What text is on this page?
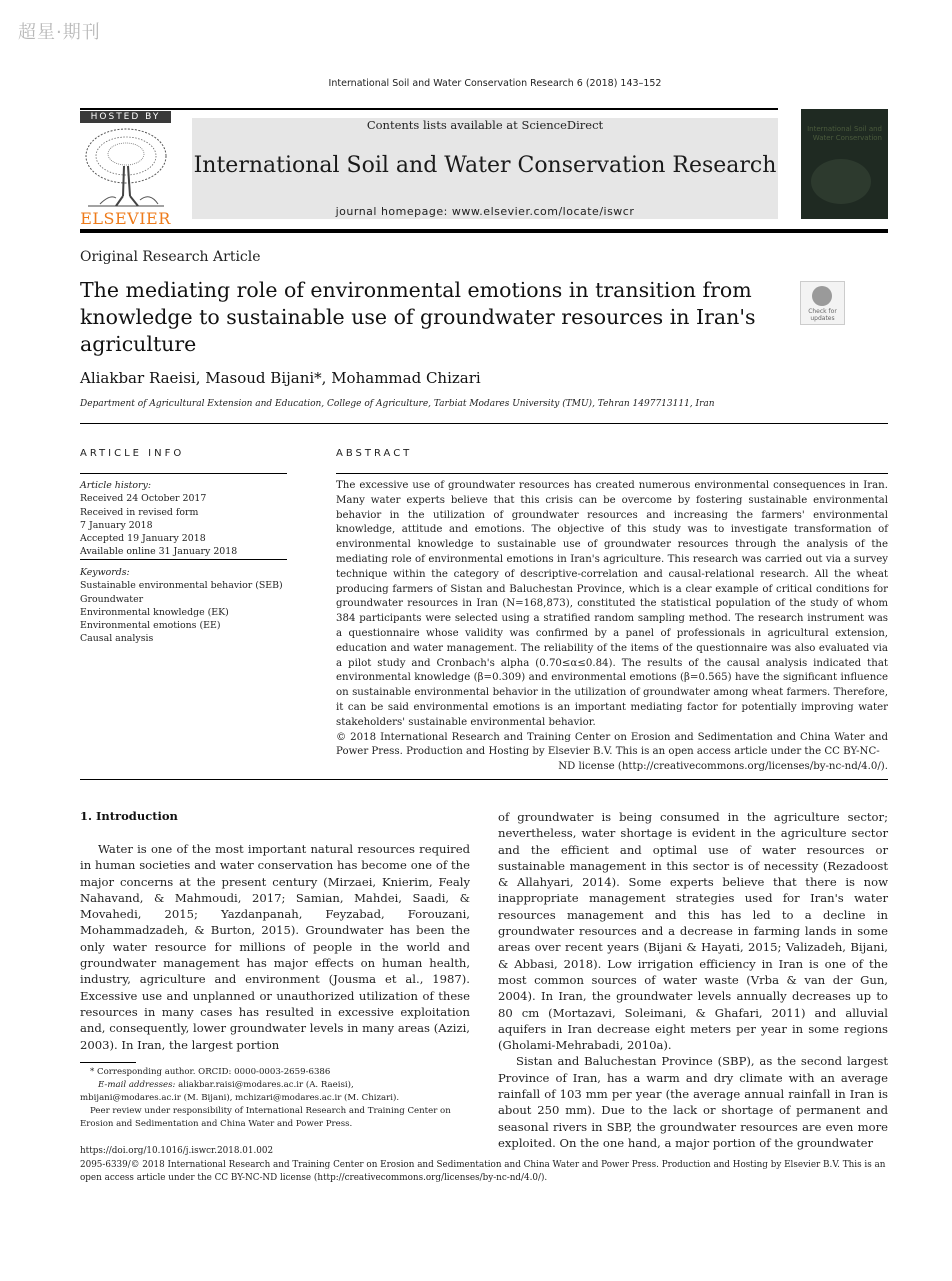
超星·期刊
International Soil and Water Conservation Research 6 (2018) 143–152
HOSTED BY
ELSEVIER
Contents lists available at ScienceDirect
International Soil and Water Conservation Research
journal homepage: www.elsevier.com/locate/iswcr
International Soil and Water Conservation
Original Research Article
The mediating role of environmental emotions in transition from knowledge to sustainable use of groundwater resources in Iran's agriculture
Check for updates
Aliakbar Raeisi, Masoud Bijani*, Mohammad Chizari
Department of Agricultural Extension and Education, College of Agriculture, Tarbiat Modares University (TMU), Tehran 1497713111, Iran
ARTICLE INFO	ABSTRACT
Article history:
Received 24 October 2017
Received in revised form
7 January 2018
Accepted 19 January 2018
Available online 31 January 2018
Keywords:
Sustainable environmental behavior (SEB)
Groundwater
Environmental knowledge (EK)
Environmental emotions (EE)
Causal analysis

The excessive use of groundwater resources has created numerous environmental consequences in Iran. Many water experts believe that this crisis can be overcome by fostering sustainable environmental behavior in the utilization of groundwater resources and increasing the farmers' environmental knowledge, attitude and emotions. The objective of this study was to investigate transformation of environmental knowledge to sustainable use of groundwater resources through the analysis of the mediating role of environmental emotions in Iran's agriculture. This research was carried out via a survey technique within the category of descriptive-correlation and causal-relational research. All the wheat producing farmers of Sistan and Baluchestan Province, which is a clear example of critical conditions for groundwater resources in Iran (N=168,873), constituted the statistical population of the study of whom 384 participants were selected using a stratified random sampling method. The research instrument was a questionnaire whose validity was confirmed by a panel of professionals in agricultural extension, education and water management. The reliability of the items of the questionnaire was also evaluated via a pilot study and Cronbach's alpha (0.70≤α≤0.84). The results of the causal analysis indicated that environmental knowledge (β=0.309) and environmental emotions (β=0.565) have the significant influence on sustainable environmental behavior in the utilization of groundwater among wheat farmers. Therefore, it can be said environmental emotions is an important mediating factor for potentially improving water stakeholders' sustainable environmental behavior.

© 2018 International Research and Training Center on Erosion and Sedimentation and China Water and Power Press. Production and Hosting by Elsevier B.V. This is an open access article under the CC BY-NC-

ND license (http://creativecommons.org/licenses/by-nc-nd/4.0/).

1. Introduction

Water is one of the most important natural resources required in human societies and water conservation has become one of the major concerns at the present century (Mirzaei, Knierim, Fealy Nahavand, & Mahmoudi, 2017; Samian, Mahdei, Saadi, & Movahedi, 2015; Yazdanpanah, Feyzabad, Forouzani, Mohammadzadeh, & Burton, 2015). Groundwater has been the only water resource for millions of people in the world and groundwater management has major effects on human health, industry, agriculture and environment (Jousma et al., 1987). Excessive use and unplanned or unauthorized utilization of these resources in many cases has resulted in excessive exploitation and, consequently, lower groundwater levels in many areas (Azizi, 2003). In Iran, the largest portion

of groundwater is being consumed in the agriculture sector; nevertheless, water shortage is evident in the agriculture sector and the efficient and optimal use of water resources or sustainable management in this sector is of necessity (Rezadoost & Allahyari, 2014). Some experts believe that there is now inappropriate management strategies used for Iran's water resources management and this has led to a decline in groundwater resources and a decrease in farming lands in some areas over recent years (Bijani & Hayati, 2015; Valizadeh, Bijani, & Abbasi, 2018). Low irrigation efficiency in Iran is one of the most common sources of water waste (Vrba & van der Gun, 2004). In Iran, the groundwater levels annually decreases up to 80 cm (Mortazavi, Soleimani, & Ghafari, 2011) and alluvial aquifers in Iran decrease eight meters per year in some regions (Gholami-Mehrabadi, 2010a).

Sistan and Baluchestan Province (SBP), as the second largest Province of Iran, has a warm and dry climate with an average rainfall of 103 mm per year (the average annual rainfall in Iran is about 250 mm). Due to the lack or shortage of permanent and seasonal rivers in SBP, the groundwater resources are even more exploited. On the one hand, a major portion of the groundwater

* Corresponding author. ORCID: 0000-0003-2659-6386

E-mail addresses: aliakbar.raisi@modares.ac.ir (A. Raeisi),

mbijani@modares.ac.ir (M. Bijani), mchizari@modares.ac.ir (M. Chizari).

Peer review under responsibility of International Research and Training Center on Erosion and Sedimentation and China Water and Power Press.

https://doi.org/10.1016/j.iswcr.2018.01.002
2095-6339/© 2018 International Research and Training Center on Erosion and Sedimentation and China Water and Power Press. Production and Hosting by Elsevier B.V. This is an open access article under the CC BY-NC-ND license (http://creativecommons.org/licenses/by-nc-nd/4.0/).
